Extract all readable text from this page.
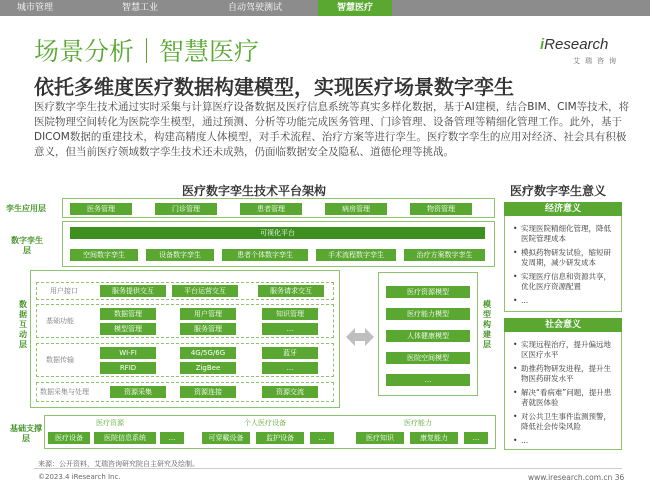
城市管理	智慧工业	自动驾驶测试	智慧医疗
iResearch
艾瑞咨询
场景分析｜智慧医疗
依托多维度医疗数据构建模型，实现医疗场景数字孪生
医疗数字孪生技术通过实时采集与计算医疗设备数据及医疗信息系统等真实多样化数据，基于AI建模，结合BIM、CIM等技术，将医院物理空间转化为医院孪生模型，通过预测、分析等功能完成医务管理、门诊管理、设备管理等精细化管理工作。此外，基于DICOM数据的重建技术，构建高精度人体模型，对手术流程、治疗方案等进行孪生。医疗数字孪生的应用对经济、社会具有积极意义，但当前医疗领域数字孪生技术还未成熟，仍面临数据安全及隐私、道德伦理等挑战。
医疗数字孪生技术平台架构	医疗数字孪生意义
孪生应用层	医务管理	门诊管理	患者管理	病房管理	物资管理
数字孪生层
可视化平台
空间数字孪生	设备数字孪生	患者个体数字孪生	手术流程数字孪生	治疗方案数字孪生
数据互动层
用户接口	服务提供交互	平台运营交互	服务请求交互
基础功能
数据管理	用户管理	知识管理
模型管理	服务管理	...
数据传输
WI-FI	4G/5G/6G	蓝牙
RFID	ZigBee	...
数据采集与处理	资源采集	资源连接	资源交流
医疗资源模型
医疗能力模型
人体健康模型
医院空间模型
...
模型构建层
基础支撑层
医疗资源
医疗设备	医院信息系统	...
个人医疗设备
可穿戴设备	监护设备	...
医疗能力
医疗知识	康复能力	...
经济意义
• 实现医院精细化管理，降低医院管理成本
• 模拟药物研发试验，缩短研发周期，减少研发成本
• 实现医疗信息和资源共享，优化医疗资源配置
• ...
社会意义
• 实现远程治疗，提升偏远地区医疗水平
• 助推药物研发进程，提升生物医药研发水平
• 解决“看病难”问题，提升患者就医体验
• 对公共卫生事件监测预警，降低社会传染风险
• ...
来源：公开资料，艾瑞咨询研究院自主研究及绘制。
©2023.4 iResearch Inc.	www.iresearch.com.cn 36
